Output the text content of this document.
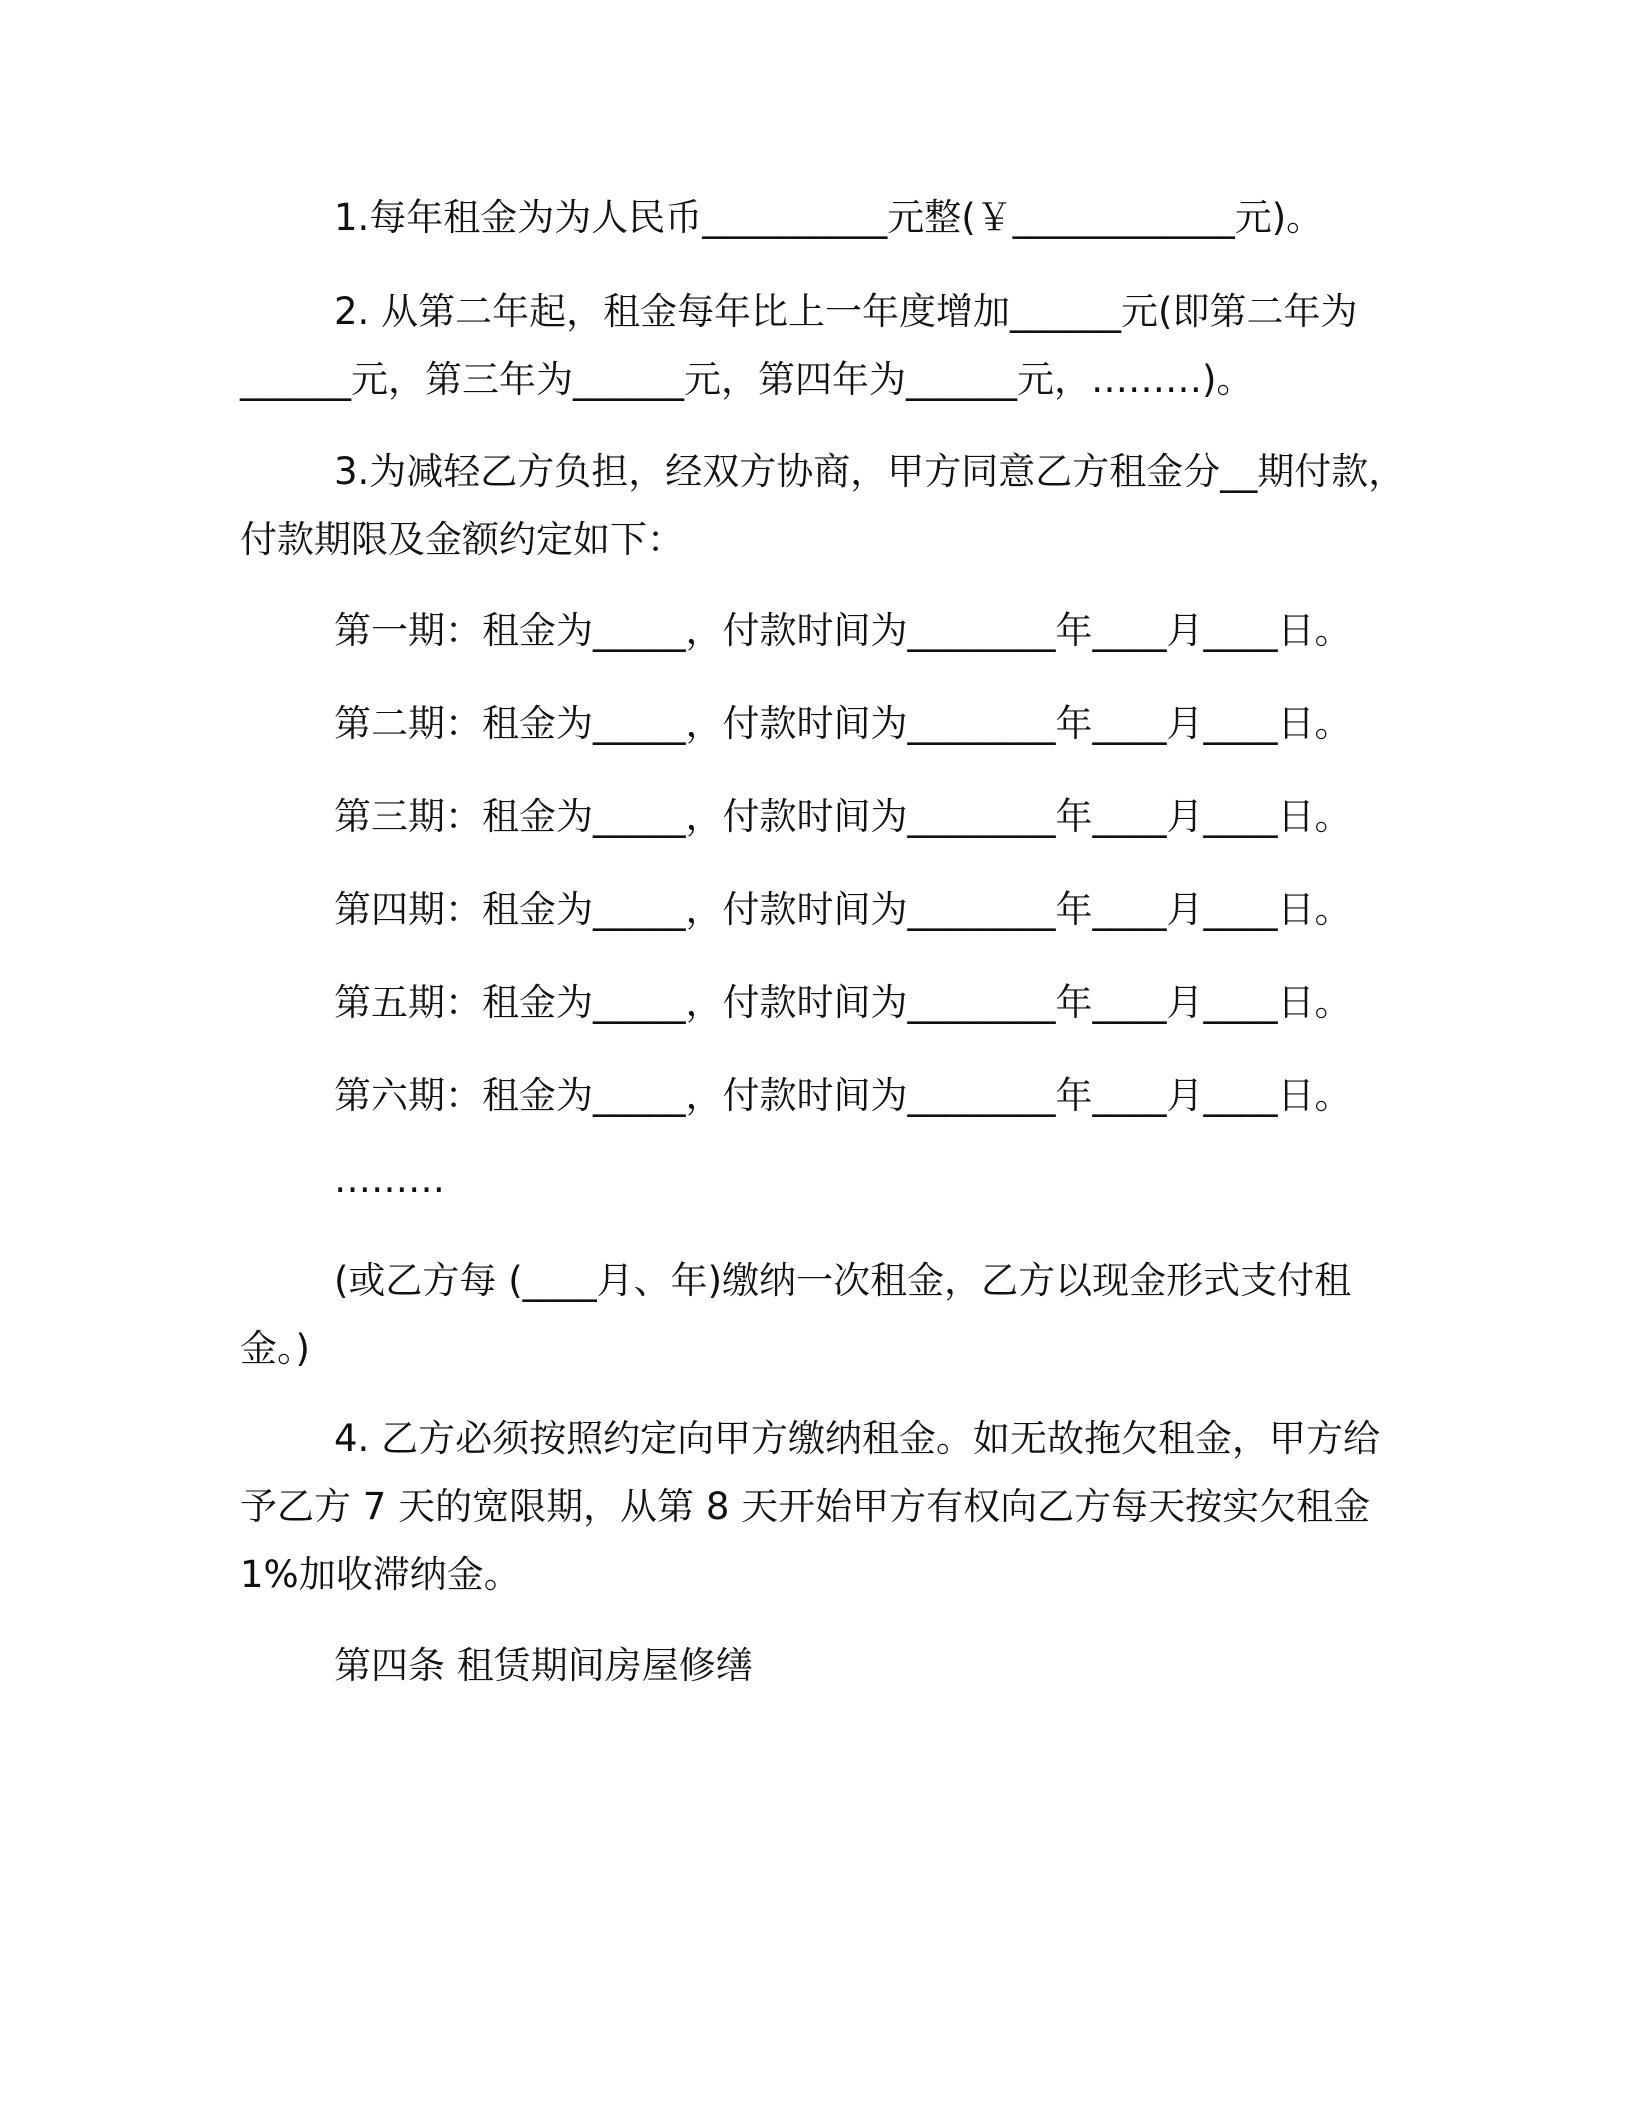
1.每年租金为为人民币__________元整(￥____________元)。
2. 从第二年起，租金每年比上一年度增加______元(即第二年为
______元，第三年为______元，第四年为______元，………)。
3.为减轻乙方负担，经双方协商，甲方同意乙方租金分__期付款，
付款期限及金额约定如下：
第一期：租金为_____，付款时间为________年____月____日。
第二期：租金为_____，付款时间为________年____月____日。
第三期：租金为_____，付款时间为________年____月____日。
第四期：租金为_____，付款时间为________年____月____日。
第五期：租金为_____，付款时间为________年____月____日。
第六期：租金为_____，付款时间为________年____月____日。
………
(或乙方每 (____月、年)缴纳一次租金，乙方以现金形式支付租
金。)
4. 乙方必须按照约定向甲方缴纳租金。如无故拖欠租金，甲方给
予乙方 7 天的宽限期，从第 8 天开始甲方有权向乙方每天按实欠租金
1%加收滞纳金。
第四条 租赁期间房屋修缮
